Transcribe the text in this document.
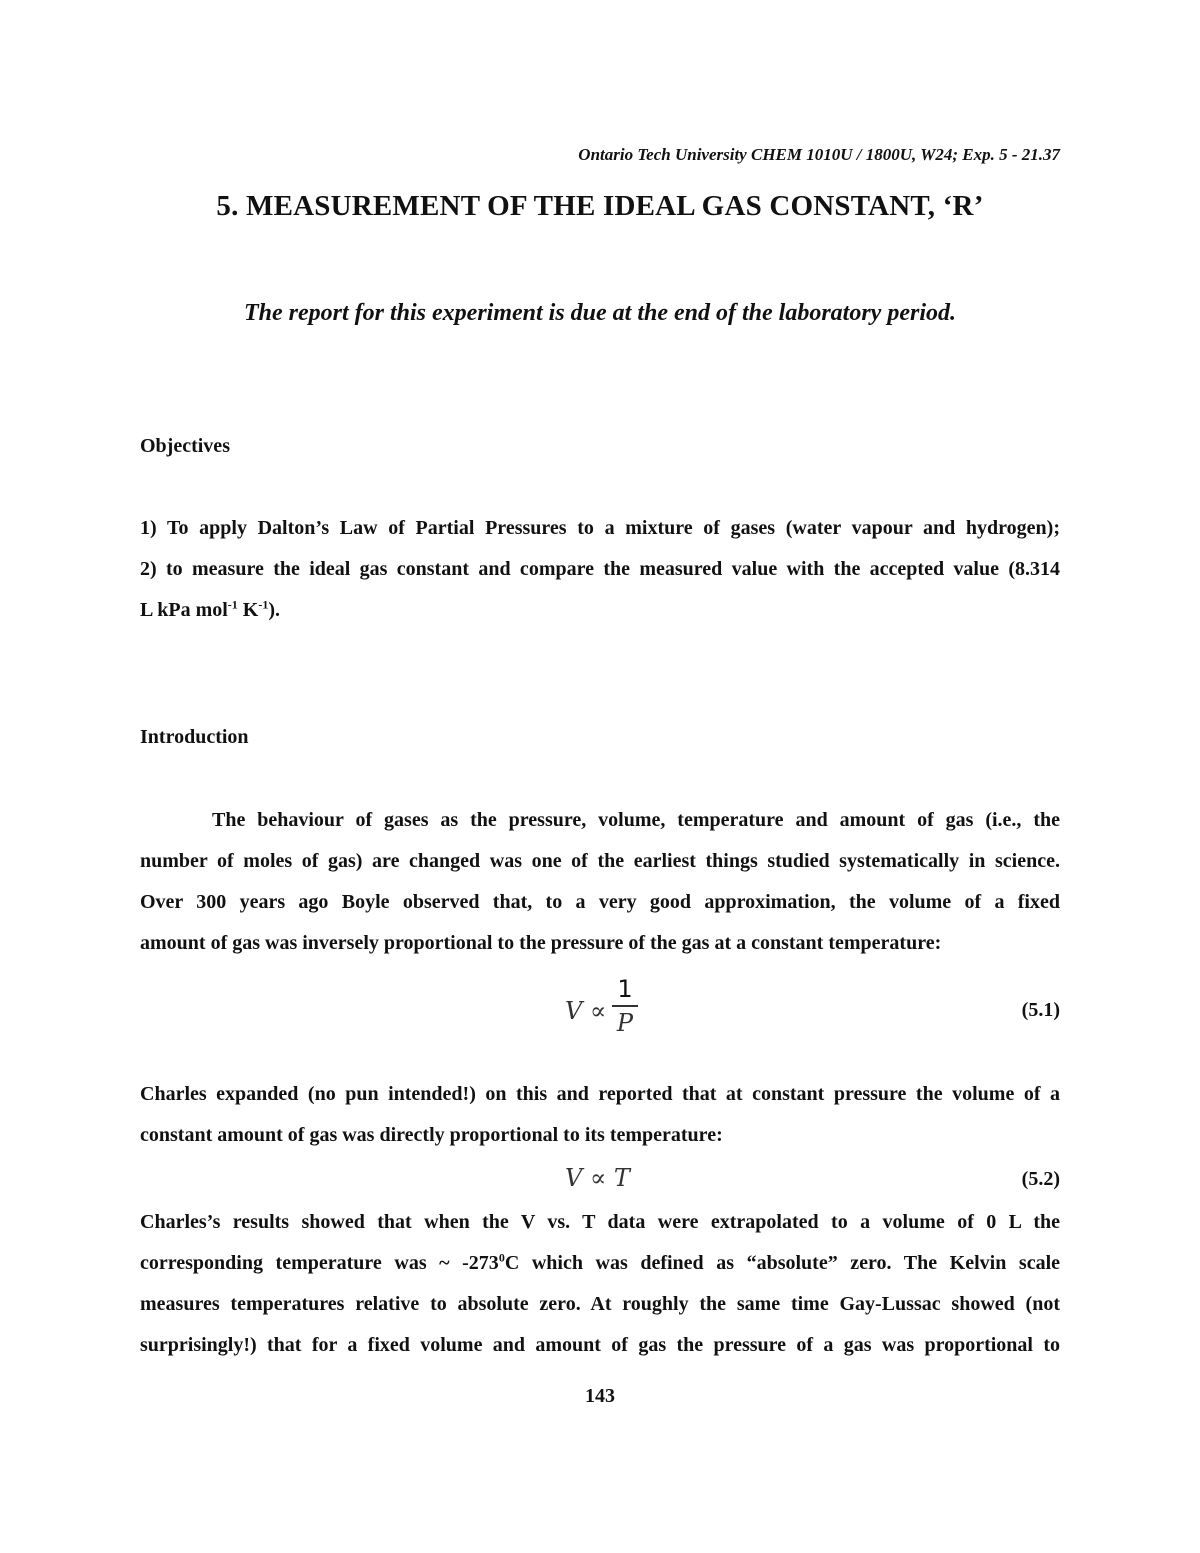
Ontario Tech University CHEM 1010U / 1800U, W24; Exp. 5 - 21.37
5. MEASUREMENT OF THE IDEAL GAS CONSTANT, ‘R’
The report for this experiment is due at the end of the laboratory period.
Objectives
1) To apply Dalton’s Law of Partial Pressures to a mixture of gases (water vapour and hydrogen);
2) to measure the ideal gas constant and compare the measured value with the accepted value (8.314
L kPa mol$^{-1}$ $K^{-1}$).
Introduction
The behaviour of gases as the pressure, volume, temperature and amount of gas (i.e., the
number of moles of gas) are changed was one of the earliest things studied systematically in science.
Over 300 years ago Boyle observed that, to a very good approximation, the volume of a fixed
amount of gas was inversely proportional to the pressure of the gas at a constant temperature:
V ∝
1
P	(5.1)
Charles expanded (no pun intended!) on this and reported that at constant pressure the volume of a
constant amount of gas was directly proportional to its temperature:
V ∝ T	(5.2)
Charles’s results showed that when the V vs. T data were extrapolated to a volume of 0 L the
corresponding temperature was ~ $-273^0C$ which was defined as “absolute” zero. The Kelvin scale
measures temperatures relative to absolute zero. At roughly the same time Gay-Lussac showed (not
surprisingly!) that for a fixed volume and amount of gas the pressure of a gas was proportional to
143
